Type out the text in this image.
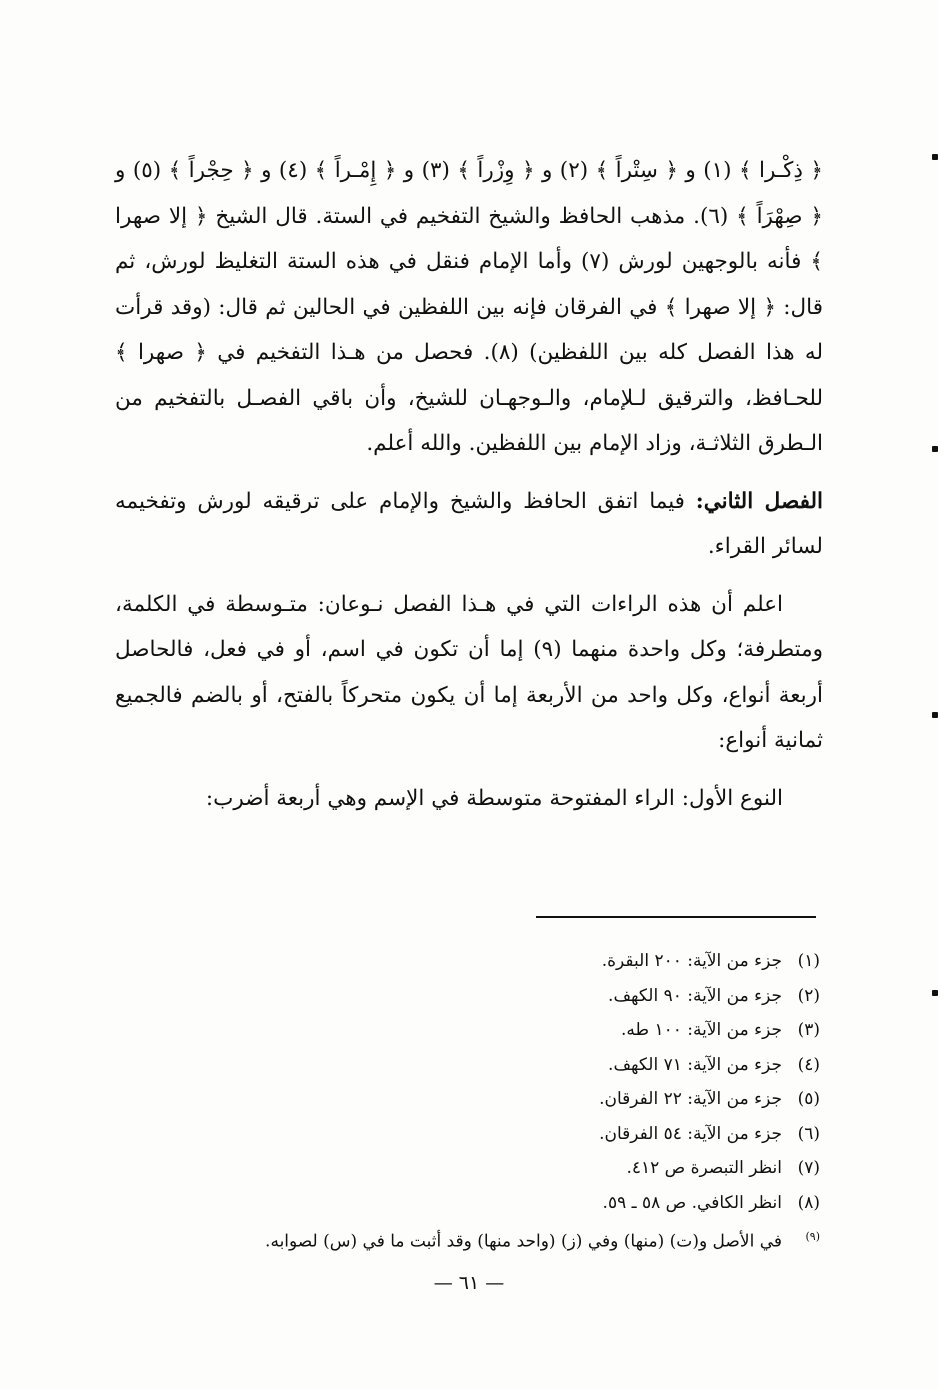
﴿ ذِكْـرا ﴾ (١) و ﴿ سِتْراً ﴾ (٢) و ﴿ وِزْراً ﴾ (٣) و ﴿ إِمْـراً ﴾ (٤) و ﴿ حِجْراً ﴾ (٥) و ﴿ صِهْرَاً ﴾ (٦). مذهب الحافظ والشيخ التفخيم في الستة. قال الشيخ ﴿ إلا صهرا ﴾ فأنه بالوجهين لورش (٧) وأما الإمام فنقل في هذه الستة التغليظ لورش، ثم قال: ﴿ إلا صهرا ﴾ في الفرقان فإنه بين اللفظين في الحالين ثم قال: (وقد قرأت له هذا الفصل كله بين اللفظين) (٨). فحصل من هـذا التفخيم في ﴿ صهرا ﴾ للحـافظ، والترقيق لـلإمام، والـوجهـان للشيخ، وأن باقي الفصـل بالتفخيم من الـطرق الثلاثـة، وزاد الإمام بين اللفظين. والله أعلم.

الفصل الثاني: فيما اتفق الحافظ والشيخ والإمام على ترقيقه لورش وتفخيمه لسائر القراء.

اعلم أن هذه الراءات التي في هـذا الفصل نـوعان: متـوسطة في الكلمة، ومتطرفة؛ وكل واحدة منهما (٩) إما أن تكون في اسم، أو في فعل، فالحاصل أربعة أنواع، وكل واحد من الأربعة إما أن يكون متحركاً بالفتح، أو بالضم فالجميع ثمانية أنواع:

النوع الأول: الراء المفتوحة متوسطة في الإسم وهي أربعة أضرب:

(١)جزء من الآية: ٢٠٠ البقرة.
(٢)جزء من الآية: ٩٠ الكهف.
(٣)جزء من الآية: ١٠٠ طه.
(٤)جزء من الآية: ٧١ الكهف.
(٥)جزء من الآية: ٢٢ الفرقان.
(٦)جزء من الآية: ٥٤ الفرقان.
(٧)انظر التبصرة ص ٤١٢.
(٨)انظر الكافي. ص ٥٨ ـ ٥٩.
(٩)في الأصل و(ت) (منها) وفي (ز) (واحد منها) وقد أثبت ما في (س) لصوابه.
— ٦١ —
